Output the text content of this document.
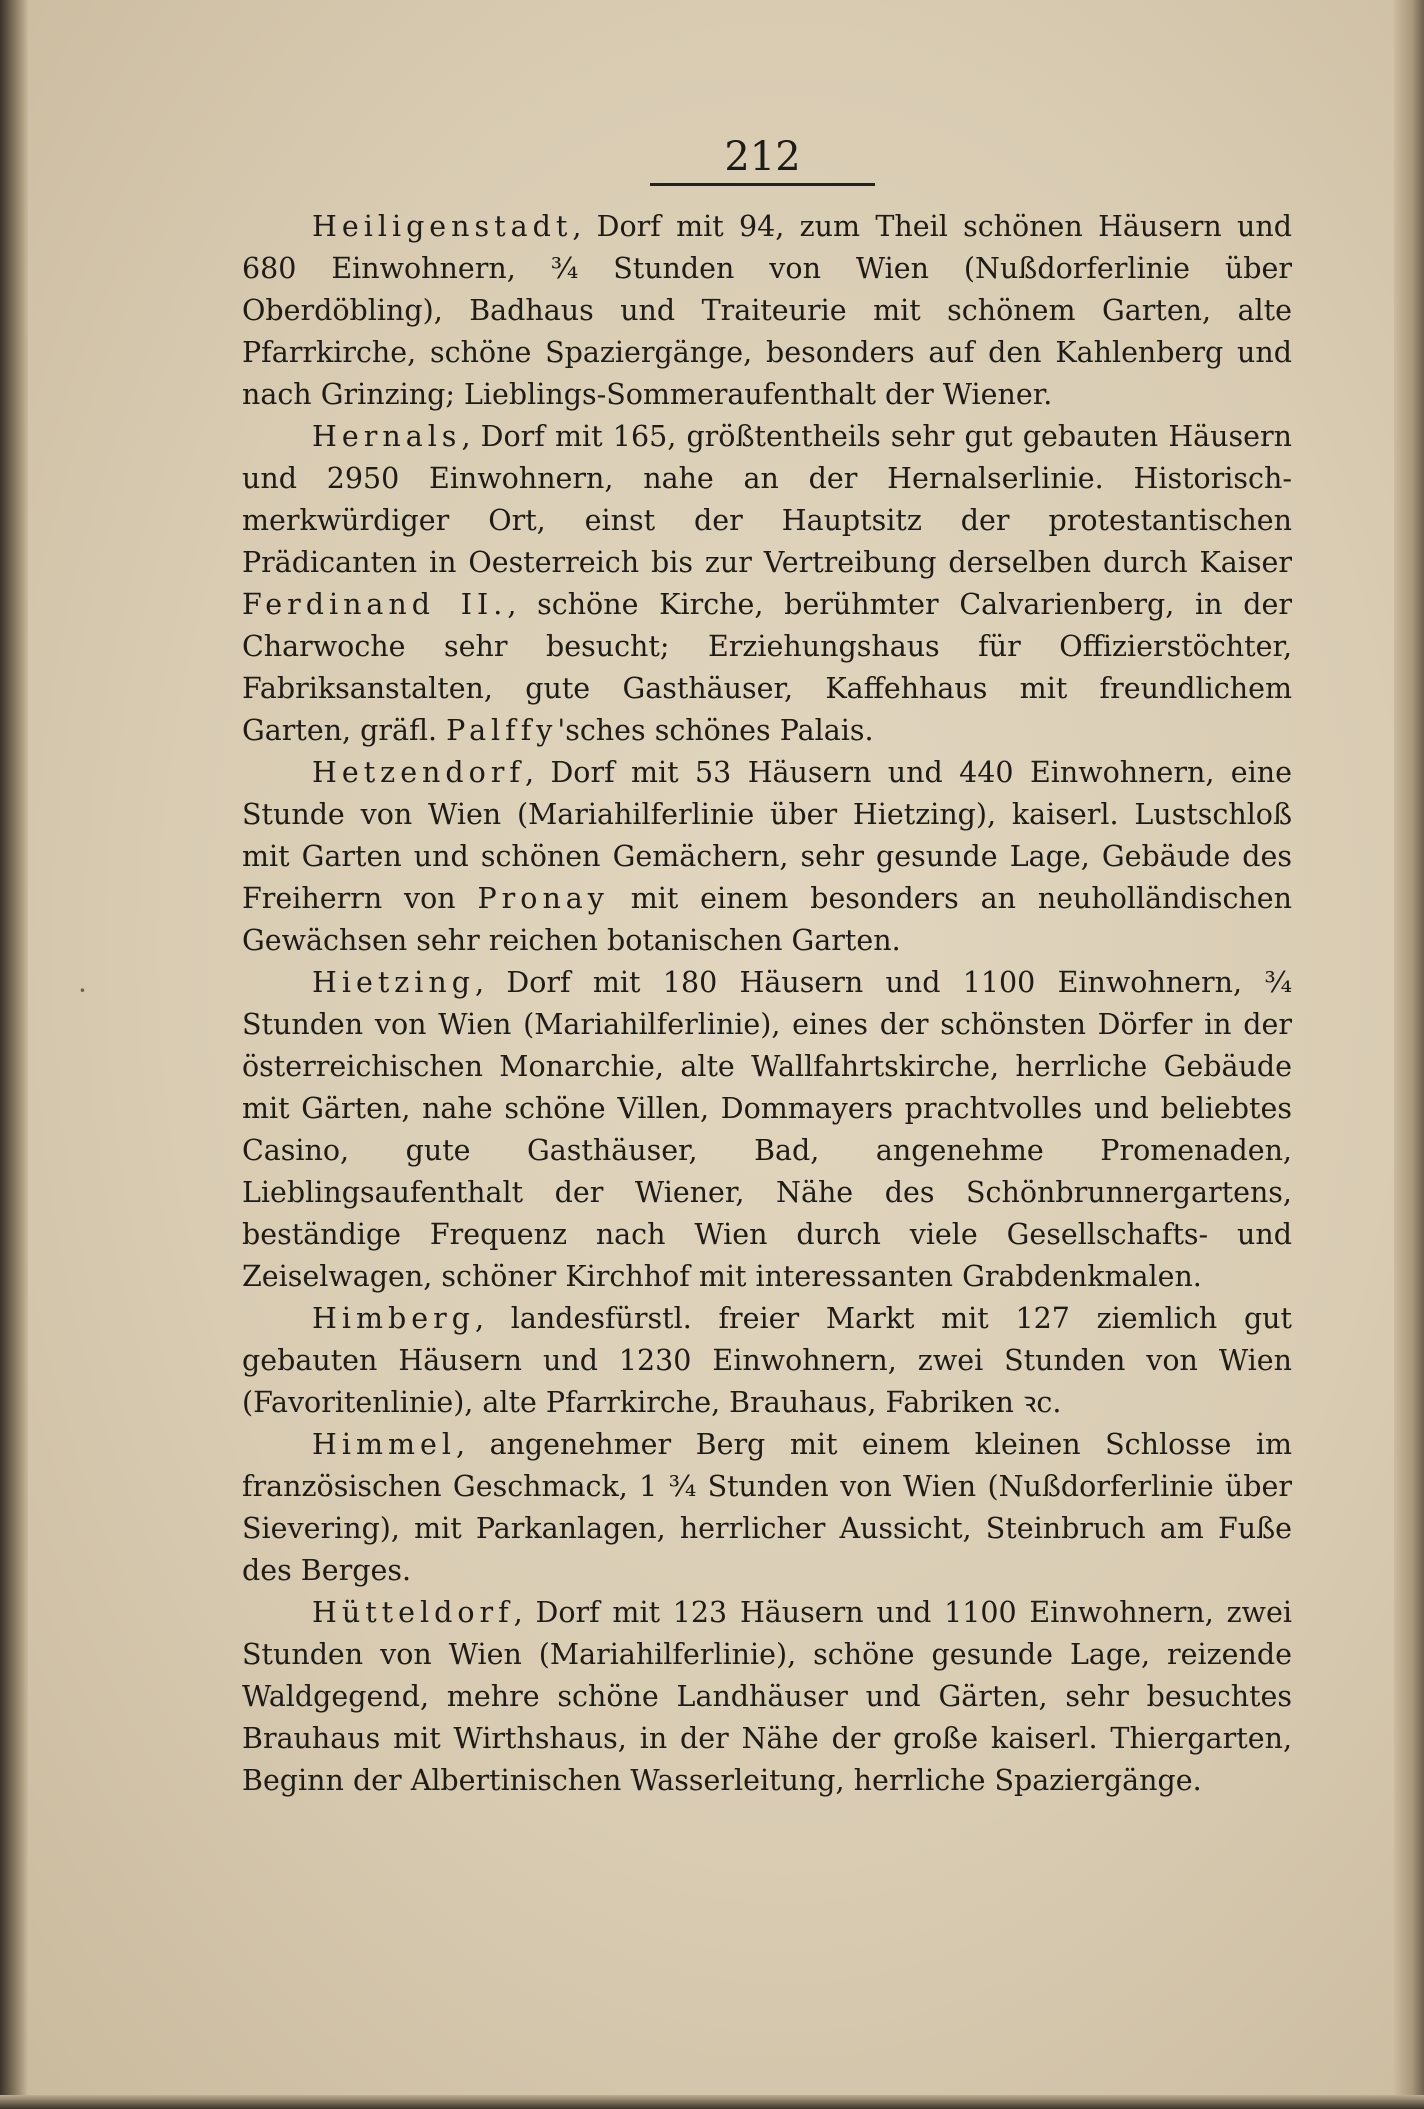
212
·

Heiligenstadt, Dorf mit 94, zum Theil schönen Häusern und 680 Einwohnern, ³⁄₄ Stunden von Wien (Nußdorferlinie über Oberdöbling), Badhaus und Traiteurie mit schönem Garten, alte Pfarrkirche, schöne Spaziergänge, besonders auf den Kahlenberg und nach Grinzing; Lieblings-Sommeraufenthalt der Wiener.

Hernals, Dorf mit 165, größtentheils sehr gut gebauten Häusern und 2950 Einwohnern, nahe an der Hernalserlinie. Historisch-merkwürdiger Ort, einst der Hauptsitz der protestantischen Prädicanten in Oesterreich bis zur Vertreibung derselben durch Kaiser Ferdinand II., schöne Kirche, berühmter Calvarienberg, in der Charwoche sehr besucht; Erziehungshaus für Offizierstöchter, Fabriksanstalten, gute Gasthäuser, Kaffehhaus mit freundlichem Garten, gräfl. Palffy'sches schönes Palais.

Hetzendorf, Dorf mit 53 Häusern und 440 Einwohnern, eine Stunde von Wien (Mariahilferlinie über Hietzing), kaiserl. Lustschloß mit Garten und schönen Gemächern, sehr gesunde Lage, Gebäude des Freiherrn von Pronay mit einem besonders an neuholländischen Gewächsen sehr reichen botanischen Garten.

Hietzing, Dorf mit 180 Häusern und 1100 Einwohnern, ³⁄₄ Stunden von Wien (Mariahilferlinie), eines der schönsten Dörfer in der österreichischen Monarchie, alte Wallfahrtskirche, herrliche Gebäude mit Gärten, nahe schöne Villen, Dommayers prachtvolles und beliebtes Casino, gute Gasthäuser, Bad, angenehme Promenaden, Lieblingsaufenthalt der Wiener, Nähe des Schönbrunnergartens, beständige Frequenz nach Wien durch viele Gesellschafts- und Zeiselwagen, schöner Kirchhof mit interessanten Grabdenkmalen.

Himberg, landesfürstl. freier Markt mit 127 ziemlich gut gebauten Häusern und 1230 Einwohnern, zwei Stunden von Wien (Favoritenlinie), alte Pfarrkirche, Brauhaus, Fabriken ꝛc.

Himmel, angenehmer Berg mit einem kleinen Schlosse im französischen Geschmack, 1 ³⁄₄ Stunden von Wien (Nußdorferlinie über Sievering), mit Parkanlagen, herrlicher Aussicht, Steinbruch am Fuße des Berges.

Hütteldorf, Dorf mit 123 Häusern und 1100 Einwohnern, zwei Stunden von Wien (Mariahilferlinie), schöne gesunde Lage, reizende Waldgegend, mehre schöne Landhäuser und Gärten, sehr besuchtes Brauhaus mit Wirthshaus, in der Nähe der große kaiserl. Thiergarten, Beginn der Albertinischen Wasserleitung, herrliche Spaziergänge.
